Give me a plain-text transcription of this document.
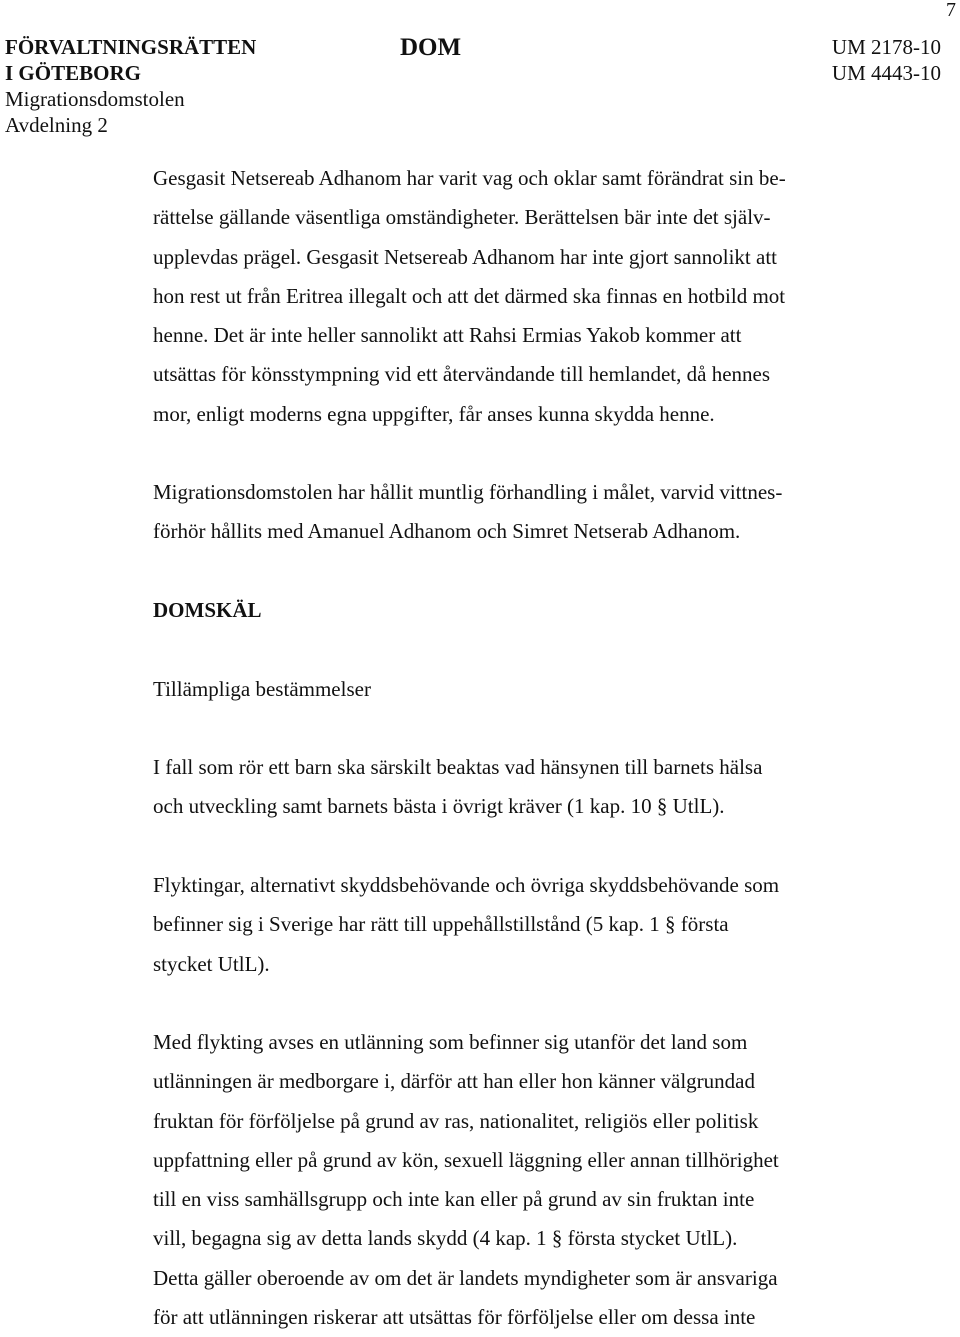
7
FÖRVALTNINGSRÄTTEN
I GÖTEBORG
Migrationsdomstolen
Avdelning 2
DOM	UM 2178-10
UM 4443-10
Gesgasit Netsereab Adhanom har varit vag och oklar samt förändrat sin be-
rättelse gällande väsentliga omständigheter. Berättelsen bär inte det själv-
upplevdas prägel. Gesgasit Netsereab Adhanom har inte gjort sannolikt att
hon rest ut från Eritrea illegalt och att det därmed ska finnas en hotbild mot
henne. Det är inte heller sannolikt att Rahsi Ermias Yakob kommer att
utsättas för könsstympning vid ett återvändande till hemlandet, då hennes
mor, enligt moderns egna uppgifter, får anses kunna skydda henne.
Migrationsdomstolen har hållit muntlig förhandling i målet, varvid vittnes-
förhör hållits med Amanuel Adhanom och Simret Netserab Adhanom.
DOMSKÄL
Tillämpliga bestämmelser
I fall som rör ett barn ska särskilt beaktas vad hänsynen till barnets hälsa
och utveckling samt barnets bästa i övrigt kräver (1 kap. 10 § UtlL).
Flyktingar, alternativt skyddsbehövande och övriga skyddsbehövande som
befinner sig i Sverige har rätt till uppehållstillstånd (5 kap. 1 § första
stycket UtlL).
Med flykting avses en utlänning som befinner sig utanför det land som
utlänningen är medborgare i, därför att han eller hon känner välgrundad
fruktan för förföljelse på grund av ras, nationalitet, religiös eller politisk
uppfattning eller på grund av kön, sexuell läggning eller annan tillhörighet
till en viss samhällsgrupp och inte kan eller på grund av sin fruktan inte
vill, begagna sig av detta lands skydd (4 kap. 1 § första stycket UtlL).
Detta gäller oberoende av om det är landets myndigheter som är ansvariga
för att utlänningen riskerar att utsättas för förföljelse eller om dessa inte
